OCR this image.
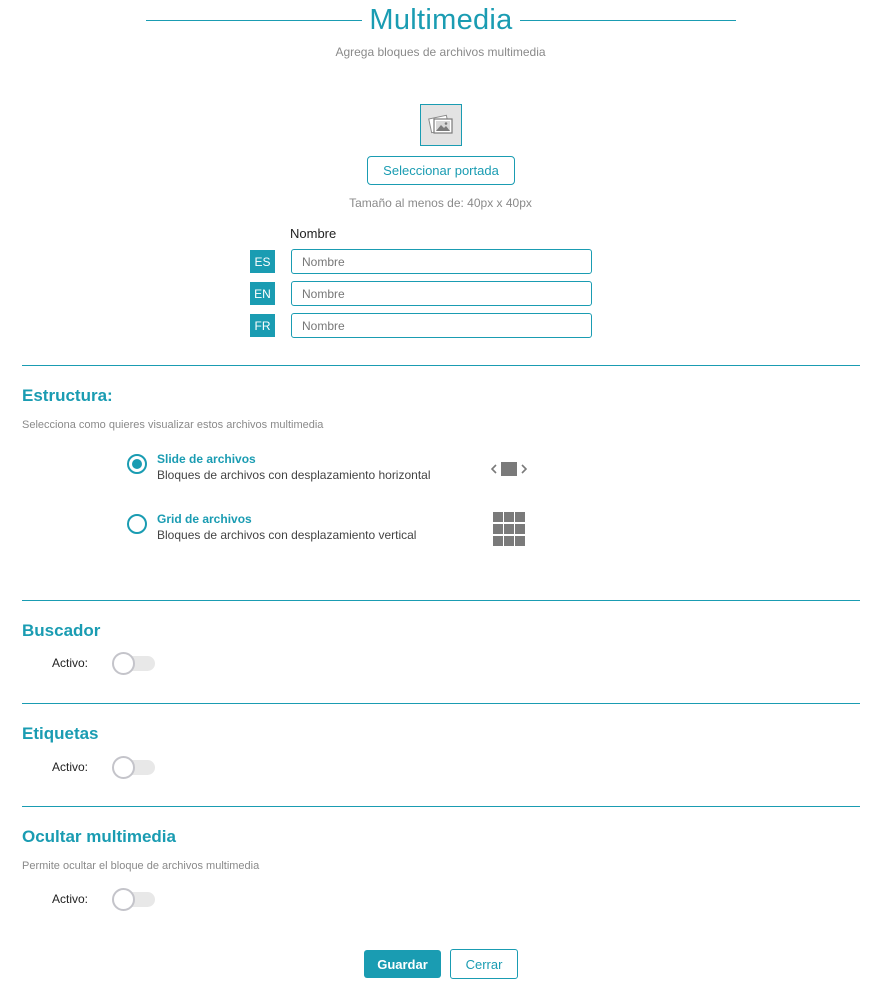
Multimedia
Agrega bloques de archivos multimedia
Seleccionar portada
Tamaño al menos de: 40px x 40px
Nombre
ES
Nombre
EN
Nombre
FR
Nombre
Estructura:
Selecciona como quieres visualizar estos archivos multimedia
Slide de archivos
Bloques de archivos con desplazamiento horizontal
Grid de archivos
Bloques de archivos con desplazamiento vertical
Buscador
Activo:
Etiquetas
Activo:
Ocultar multimedia
Permite ocultar el bloque de archivos multimedia
Activo:
Guardar	Cerrar
